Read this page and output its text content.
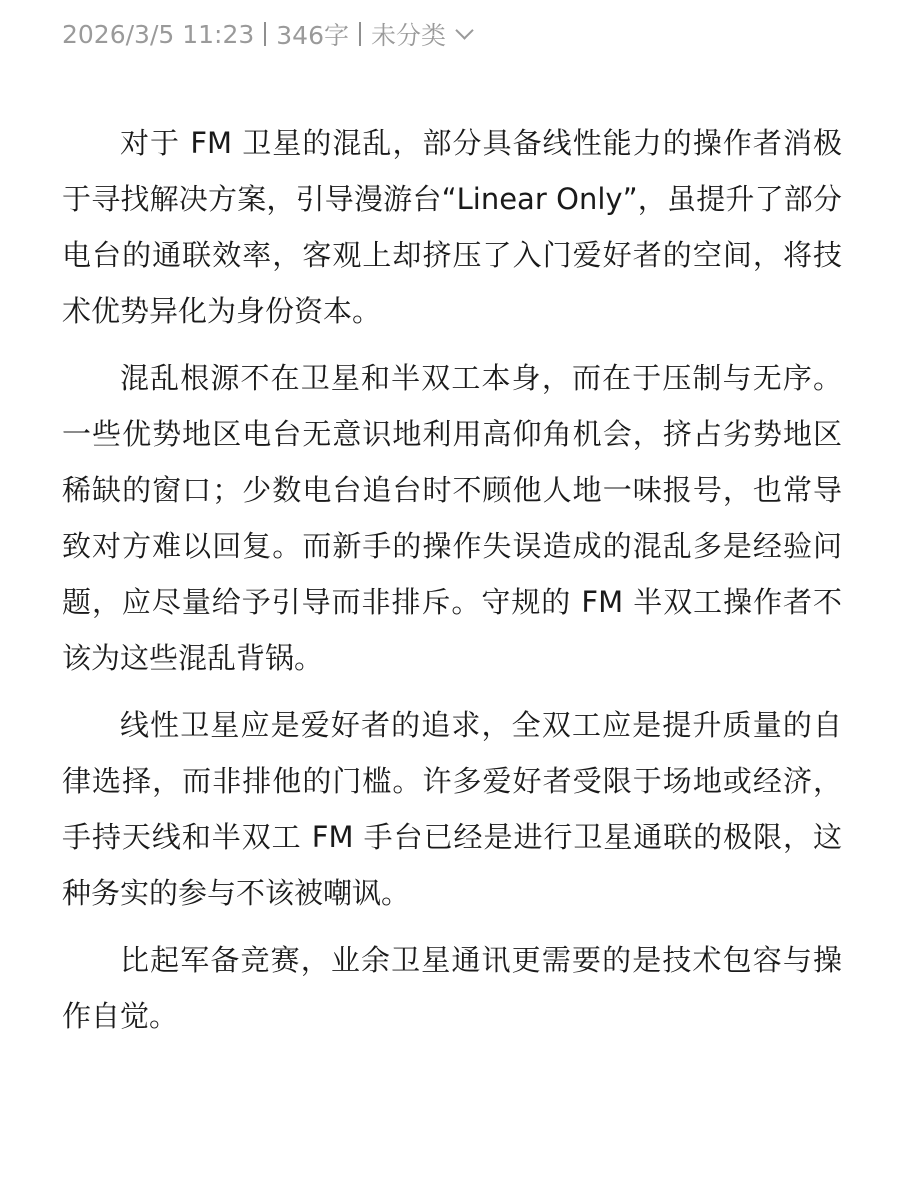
2026/3/5 11:23 346字 未分类

对于 FM 卫星的混乱，部分具备线性能力的操作者消极于寻找解决方案，引导漫游台“Linear Only”，虽提升了部分电台的通联效率，客观上却挤压了入门爱好者的空间，将技术优势异化为身份资本。

混乱根源不在卫星和半双工本身，而在于压制与无序。一些优势地区电台无意识地利用高仰角机会，挤占劣势地区稀缺的窗口；少数电台追台时不顾他人地一味报号，也常导致对方难以回复。而新手的操作失误造成的混乱多是经验问题，应尽量给予引导而非排斥。守规的 FM 半双工操作者不该为这些混乱背锅。

线性卫星应是爱好者的追求，全双工应是提升质量的自律选择，而非排他的门槛。许多爱好者受限于场地或经济，手持天线和半双工 FM 手台已经是进行卫星通联的极限，这种务实的参与不该被嘲讽。

比起军备竞赛，业余卫星通讯更需要的是技术包容与操作自觉。
